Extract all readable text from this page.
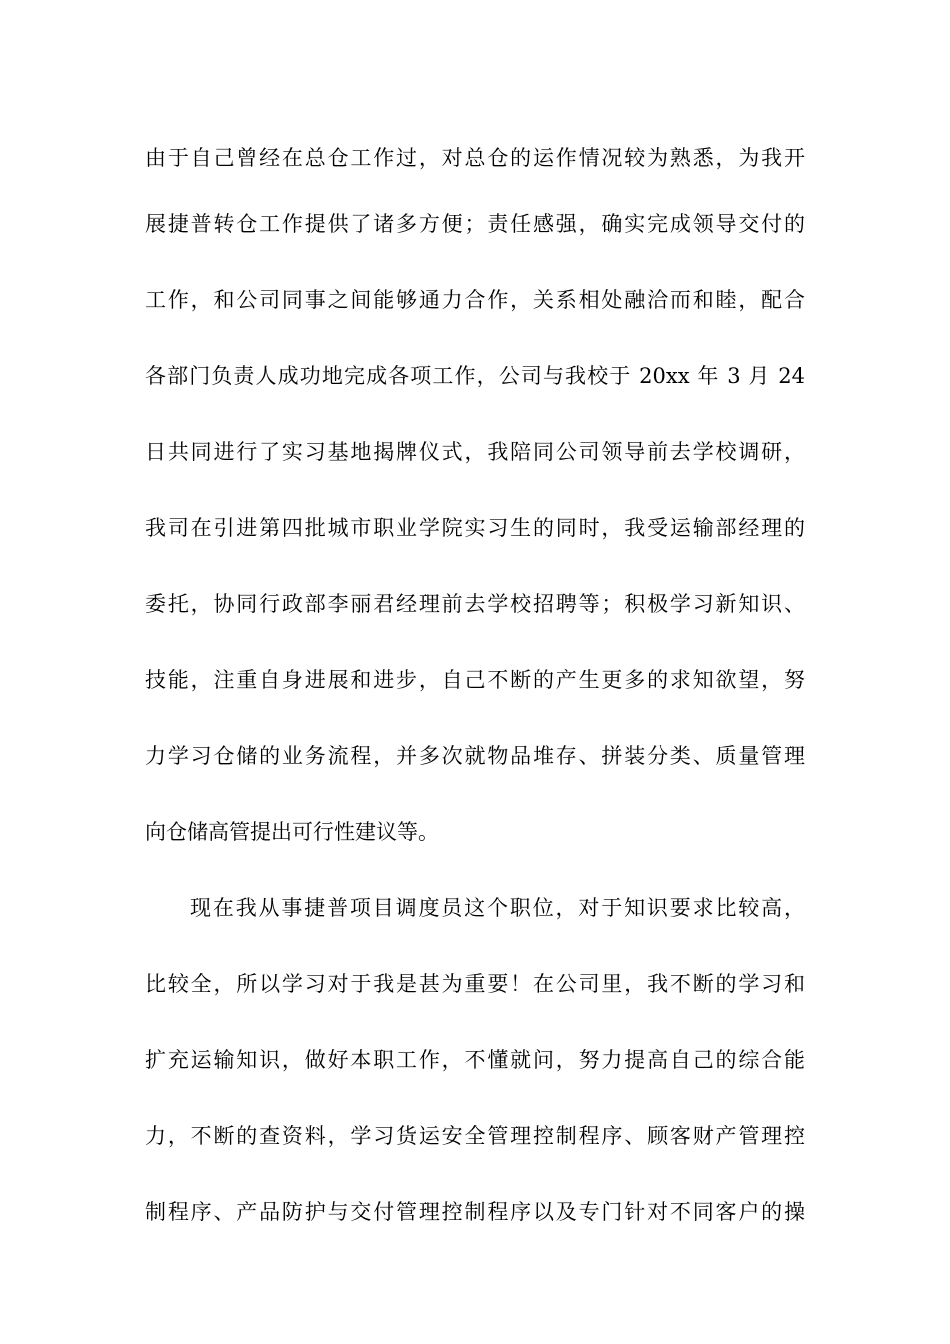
由于自己曾经在总仓工作过，对总仓的运作情况较为熟悉，为我开
展捷普转仓工作提供了诸多方便；责任感强，确实完成领导交付的
工作，和公司同事之间能够通力合作，关系相处融洽而和睦，配合
各部门负责人成功地完成各项工作，公司与我校于 20xx 年 3 月 24
日共同进行了实习基地揭牌仪式，我陪同公司领导前去学校调研，
我司在引进第四批城市职业学院实习生的同时，我受运输部经理的
委托，协同行政部李丽君经理前去学校招聘等；积极学习新知识、
技能，注重自身进展和进步，自己不断的产生更多的求知欲望，努
力学习仓储的业务流程，并多次就物品堆存、拼装分类、质量管理
向仓储高管提出可行性建议等。
现在我从事捷普项目调度员这个职位，对于知识要求比较高，
比较全，所以学习对于我是甚为重要！在公司里，我不断的学习和
扩充运输知识，做好本职工作，不懂就问，努力提高自己的综合能
力，不断的查资料，学习货运安全管理控制程序、顾客财产管理控
制程序、产品防护与交付管理控制程序以及专门针对不同客户的操
